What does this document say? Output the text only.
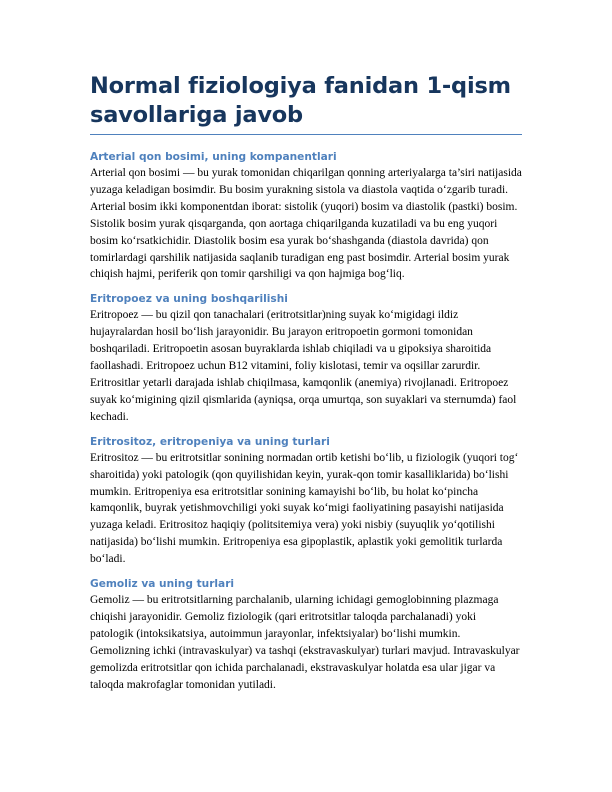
Normal fiziologiya fanidan 1-qism savollariga javob
Arterial qon bosimi, uning kompanentlari

Arterial qon bosimi — bu yurak tomonidan chiqarilgan qonning arteriyalarga ta’siri natijasida yuzaga keladigan bosimdir. Bu bosim yurakning sistola va diastola vaqtida o‘zgarib turadi. Arterial bosim ikki komponentdan iborat: sistolik (yuqori) bosim va diastolik (pastki) bosim. Sistolik bosim yurak qisqarganda, qon aortaga chiqarilganda kuzatiladi va bu eng yuqori bosim ko‘rsatkichidir. Diastolik bosim esa yurak bo‘shashganda (diastola davrida) qon tomirlardagi qarshilik natijasida saqlanib turadigan eng past bosimdir. Arterial bosim yurak chiqish hajmi, periferik qon tomir qarshiligi va qon hajmiga bog‘liq.

Eritropoez va uning boshqarilishi

Eritropoez — bu qizil qon tanachalari (eritrotsitlar)ning suyak ko‘migidagi ildiz hujayralardan hosil bo‘lish jarayonidir. Bu jarayon eritropoetin gormoni tomonidan boshqariladi. Eritropoetin asosan buyraklarda ishlab chiqiladi va u gipoksiya sharoitida faollashadi. Eritropoez uchun B12 vitamini, foliy kislotasi, temir va oqsillar zarurdir. Eritrositlar yetarli darajada ishlab chiqilmasa, kamqonlik (anemiya) rivojlanadi. Eritropoez suyak ko‘migining qizil qismlarida (ayniqsa, orqa umurtqa, son suyaklari va sternumda) faol kechadi.

Eritrositoz, eritropeniya va uning turlari

Eritrositoz — bu eritrotsitlar sonining normadan ortib ketishi bo‘lib, u fiziologik (yuqori tog‘ sharoitida) yoki patologik (qon quyilishidan keyin, yurak-qon tomir kasalliklarida) bo‘lishi mumkin. Eritropeniya esa eritrotsitlar sonining kamayishi bo‘lib, bu holat ko‘pincha kamqonlik, buyrak yetishmovchiligi yoki suyak ko‘migi faoliyatining pasayishi natijasida yuzaga keladi. Eritrositoz haqiqiy (politsitemiya vera) yoki nisbiy (suyuqlik yo‘qotilishi natijasida) bo‘lishi mumkin. Eritropeniya esa gipoplastik, aplastik yoki gemolitik turlarda bo‘ladi.

Gemoliz va uning turlari

Gemoliz — bu eritrotsitlarning parchalanib, ularning ichidagi gemoglobinning plazmaga chiqishi jarayonidir. Gemoliz fiziologik (qari eritrotsitlar taloqda parchalanadi) yoki patologik (intoksikatsiya, autoimmun jarayonlar, infektsiyalar) bo‘lishi mumkin. Gemolizning ichki (intravaskulyar) va tashqi (ekstravaskulyar) turlari mavjud. Intravaskulyar gemolizda eritrotsitlar qon ichida parchalanadi, ekstravaskulyar holatda esa ular jigar va taloqda makrofaglar tomonidan yutiladi.
